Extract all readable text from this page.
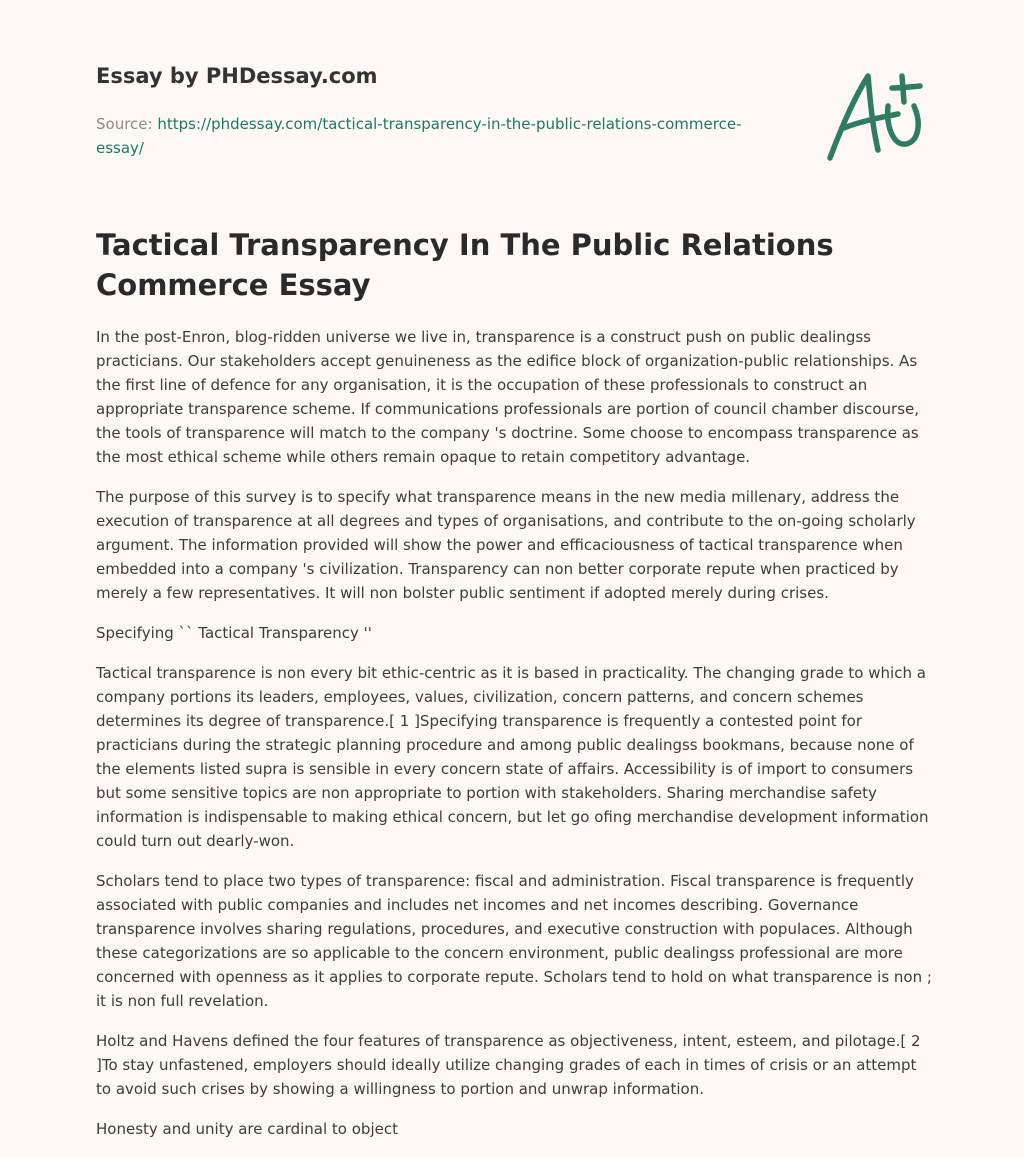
Essay by PHDessay.com
Source: https://phdessay.com/tactical-transparency-in-the-public-relations-commerce-essay/
Tactical Transparency In The Public Relations Commerce Essay

In the post-Enron, blog-ridden universe we live in, transparence is a construct push on public dealingss practicians. Our stakeholders accept genuineness as the edifice block of organization-public relationships. As the first line of defence for any organisation, it is the occupation of these professionals to construct an appropriate transparence scheme. If communications professionals are portion of council chamber discourse, the tools of transparence will match to the company 's doctrine. Some choose to encompass transparence as the most ethical scheme while others remain opaque to retain competitory advantage.

The purpose of this survey is to specify what transparence means in the new media millenary, address the execution of transparence at all degrees and types of organisations, and contribute to the on-going scholarly argument. The information provided will show the power and efficaciousness of tactical transparence when embedded into a company 's civilization. Transparency can non better corporate repute when practiced by merely a few representatives. It will non bolster public sentiment if adopted merely during crises.

Specifying `` Tactical Transparency ''

Tactical transparence is non every bit ethic-centric as it is based in practicality. The changing grade to which a company portions its leaders, employees, values, civilization, concern patterns, and concern schemes determines its degree of transparence.[ 1 ]Specifying transparence is frequently a contested point for practicians during the strategic planning procedure and among public dealingss bookmans, because none of the elements listed supra is sensible in every concern state of affairs. Accessibility is of import to consumers but some sensitive topics are non appropriate to portion with stakeholders. Sharing merchandise safety information is indispensable to making ethical concern, but let go ofing merchandise development information could turn out dearly-won.

Scholars tend to place two types of transparence: fiscal and administration. Fiscal transparence is frequently associated with public companies and includes net incomes and net incomes describing. Governance transparence involves sharing regulations, procedures, and executive construction with populaces. Although these categorizations are so applicable to the concern environment, public dealingss professional are more concerned with openness as it applies to corporate repute. Scholars tend to hold on what transparence is non ; it is non full revelation.

Holtz and Havens defined the four features of transparence as objectiveness, intent, esteem, and pilotage.[ 2 ]To stay unfastened, employers should ideally utilize changing grades of each in times of crisis or an attempt to avoid such crises by showing a willingness to portion and unwrap information.

Honesty and unity are cardinal to object
